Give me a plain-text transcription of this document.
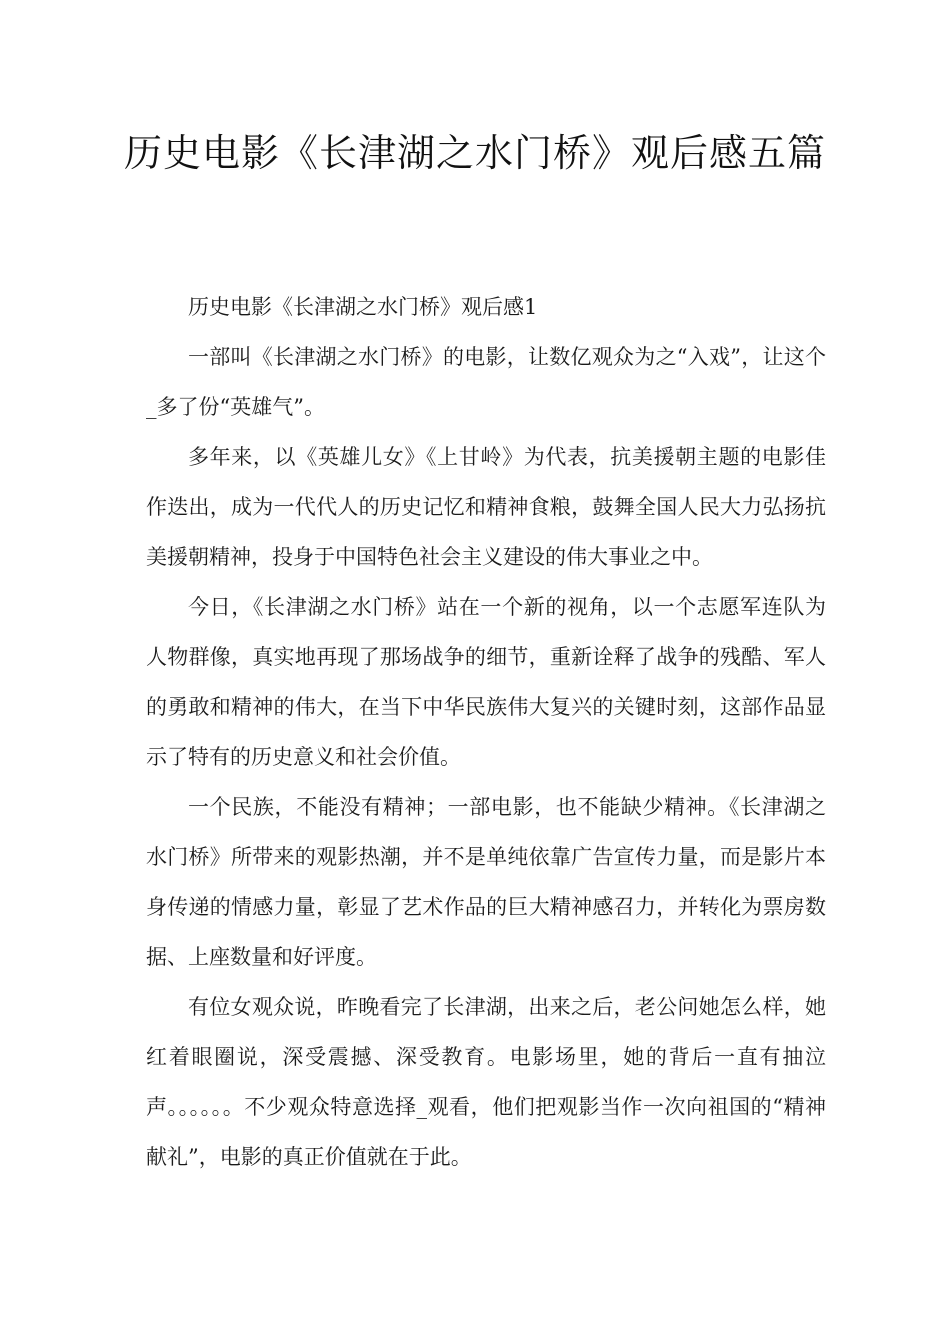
历史电影《长津湖之水门桥》观后感五篇

历史电影《长津湖之水门桥》观后感1

一部叫《长津湖之水门桥》的电影，让数亿观众为之“入戏”，让这个_多了份“英雄气”。

多年来，以《英雄儿女》《上甘岭》为代表，抗美援朝主题的电影佳作迭出，成为一代代人的历史记忆和精神食粮，鼓舞全国人民大力弘扬抗美援朝精神，投身于中国特色社会主义建设的伟大事业之中。

今日，《长津湖之水门桥》站在一个新的视角，以一个志愿军连队为人物群像，真实地再现了那场战争的细节，重新诠释了战争的残酷、军人的勇敢和精神的伟大，在当下中华民族伟大复兴的关键时刻，这部作品显示了特有的历史意义和社会价值。

一个民族，不能没有精神；一部电影，也不能缺少精神。《长津湖之水门桥》所带来的观影热潮，并不是单纯依靠广告宣传力量，而是影片本身传递的情感力量，彰显了艺术作品的巨大精神感召力，并转化为票房数据、上座数量和好评度。

有位女观众说，昨晚看完了长津湖，出来之后，老公问她怎么样，她红着眼圈说，深受震撼、深受教育。电影场里，她的背后一直有抽泣声。。。。。。不少观众特意选择_观看，他们把观影当作一次向祖国的“精神献礼”，电影的真正价值就在于此。
